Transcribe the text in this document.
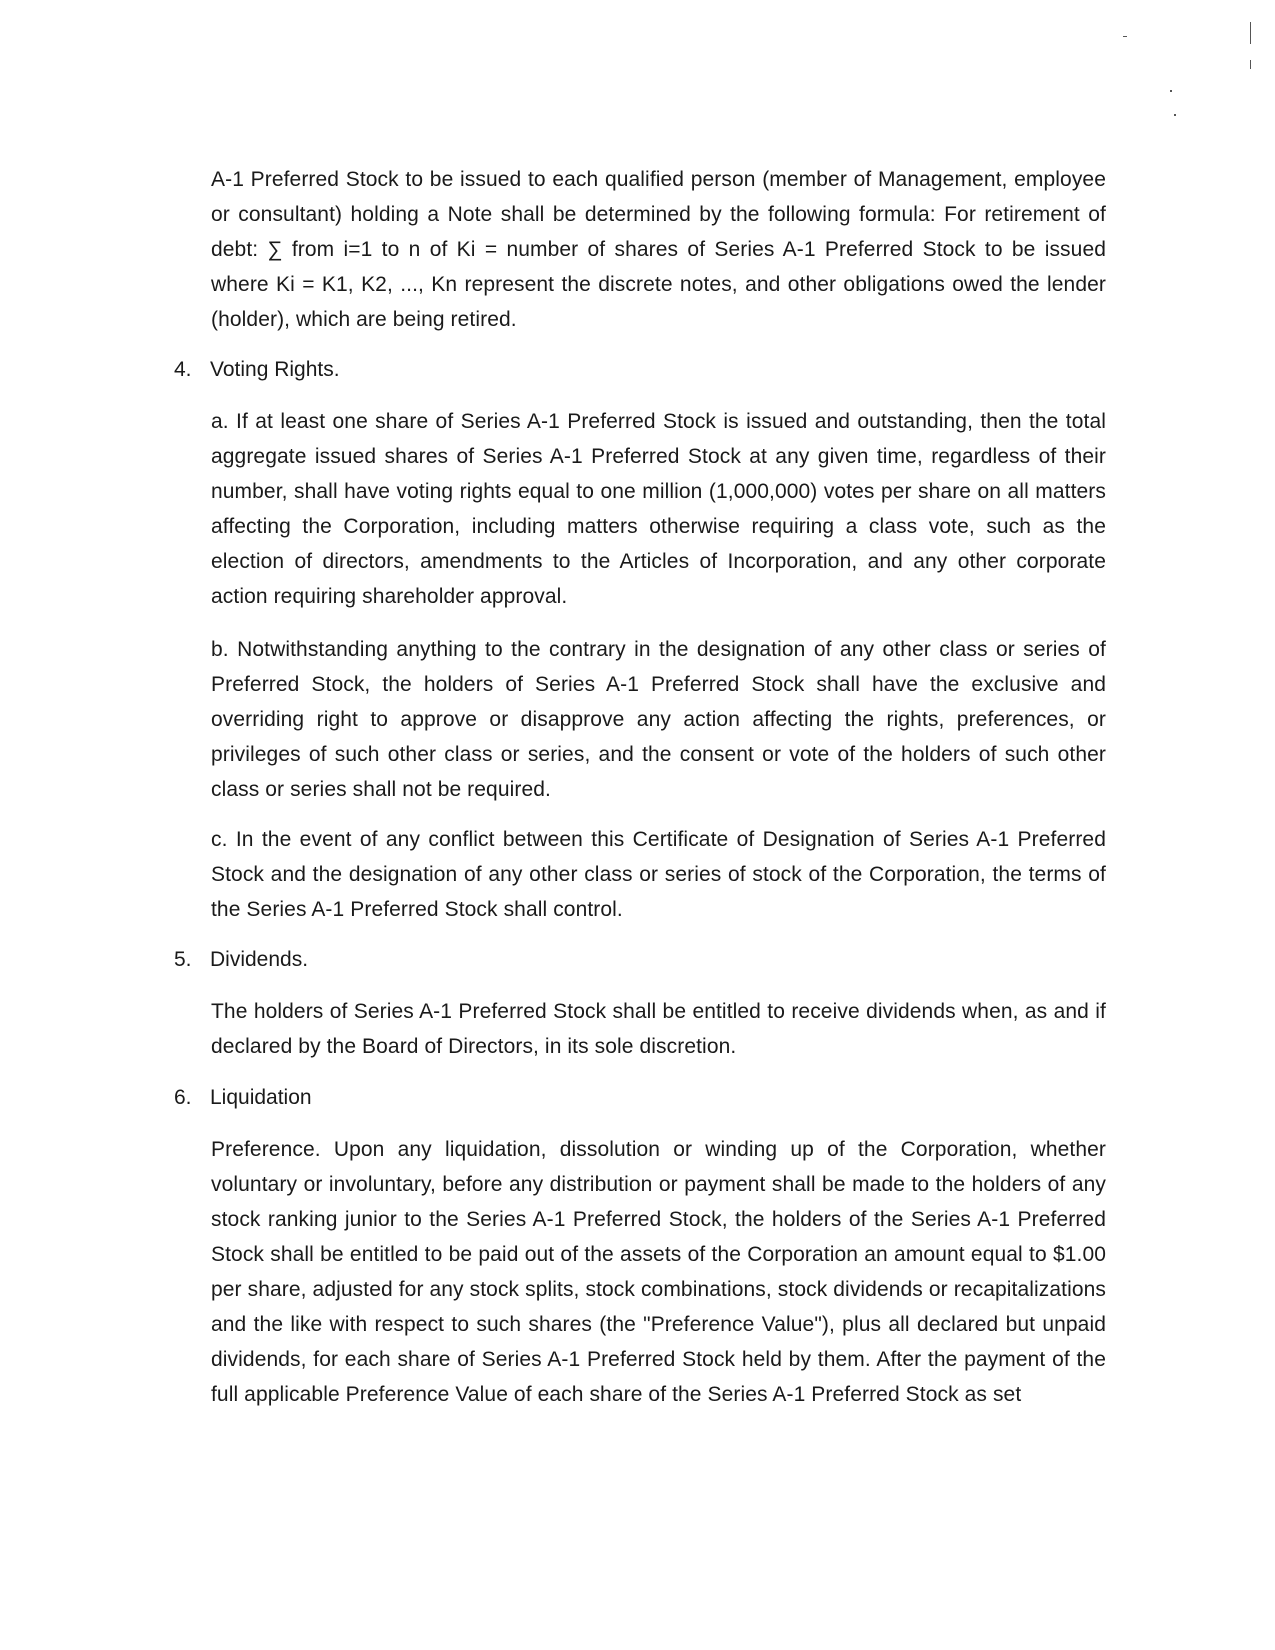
A-1 Preferred Stock to be issued to each qualified person (member of Management, employee or consultant) holding a Note shall be determined by the following formula: For retirement of debt: ∑ from i=1 to n of Ki = number of shares of Series A-1 Preferred Stock to be issued where Ki = K1, K2, ..., Kn represent the discrete notes, and other obligations owed the lender (holder), which are being retired.

4. Voting Rights.

a. If at least one share of Series A-1 Preferred Stock is issued and outstanding, then the total aggregate issued shares of Series A-1 Preferred Stock at any given time, regardless of their number, shall have voting rights equal to one million (1,000,000) votes per share on all matters affecting the Corporation, including matters otherwise requiring a class vote, such as the election of directors, amendments to the Articles of Incorporation, and any other corporate action requiring shareholder approval.

b. Notwithstanding anything to the contrary in the designation of any other class or series of Preferred Stock, the holders of Series A-1 Preferred Stock shall have the exclusive and overriding right to approve or disapprove any action affecting the rights, preferences, or privileges of such other class or series, and the consent or vote of the holders of such other class or series shall not be required.

c. In the event of any conflict between this Certificate of Designation of Series A-1 Preferred Stock and the designation of any other class or series of stock of the Corporation, the terms of the Series A-1 Preferred Stock shall control.

5. Dividends.

The holders of Series A-1 Preferred Stock shall be entitled to receive dividends when, as and if declared by the Board of Directors, in its sole discretion.

6. Liquidation

Preference. Upon any liquidation, dissolution or winding up of the Corporation, whether voluntary or involuntary, before any distribution or payment shall be made to the holders of any stock ranking junior to the Series A-1 Preferred Stock, the holders of the Series A-1 Preferred Stock shall be entitled to be paid out of the assets of the Corporation an amount equal to $1.00 per share, adjusted for any stock splits, stock combinations, stock dividends or recapitalizations and the like with respect to such shares (the "Preference Value"), plus all declared but unpaid dividends, for each share of Series A-1 Preferred Stock held by them. After the payment of the full applicable Preference Value of each share of the Series A-1 Preferred Stock as set
